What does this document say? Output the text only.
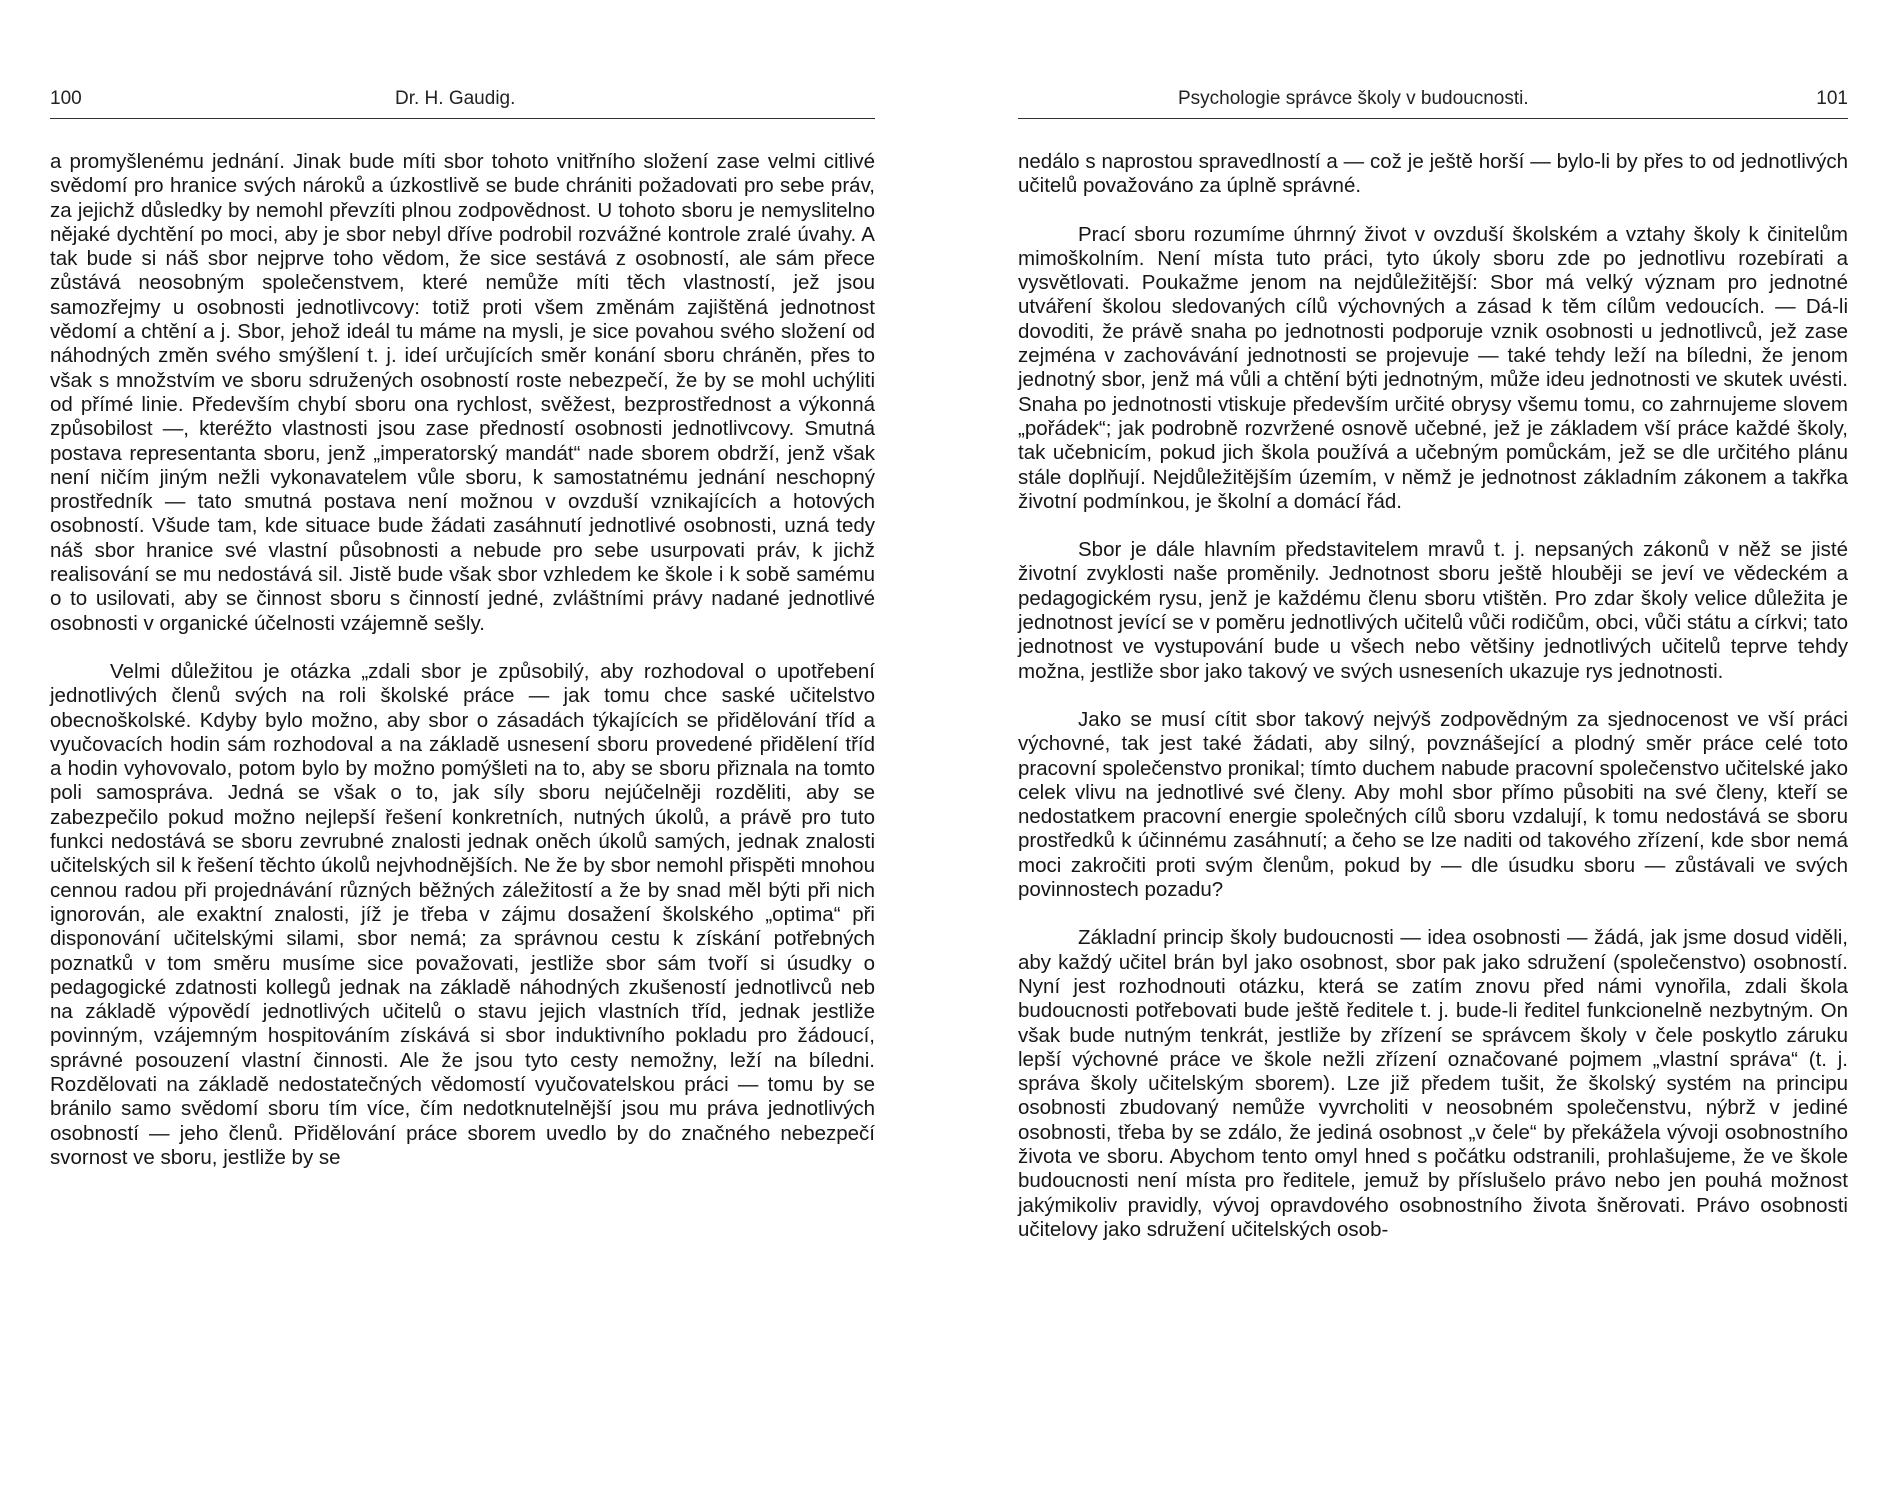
100	Dr. H. Gaudig.

a promyšlenému jednání. Jinak bude míti sbor tohoto vnitřního složení zase velmi citlivé svědomí pro hranice svých nároků a úzkostlivě se bude chrániti požadovati pro sebe práv, za jejichž důsledky by nemohl převzíti plnou zodpovědnost. U tohoto sboru je nemyslitelno nějaké dychtění po moci, aby je sbor nebyl dříve podrobil rozvážné kontrole zralé úvahy. A tak bude si náš sbor nejprve toho vědom, že sice sestává z osobností, ale sám přece zůstává neosobným společenstvem, které nemůže míti těch vlastností, jež jsou samozřejmy u osobnosti jednotlivcovy: totiž proti všem změnám zajištěná jednotnost vědomí a chtění a j. Sbor, jehož ideál tu máme na mysli, je sice povahou svého složení od náhodných změn svého smýšlení t. j. ideí určujících směr konání sboru chráněn, přes to však s množstvím ve sboru sdružených osobností roste nebezpečí, že by se mohl uchýliti od přímé linie. Především chybí sboru ona rychlost, svěžest, bezprostřednost a výkonná způsobilost —, kteréžto vlastnosti jsou zase předností osobnosti jednotlivcovy. Smutná postava representanta sboru, jenž „imperatorský mandát“ nade sborem obdrží, jenž však není ničím jiným nežli vykonavatelem vůle sboru, k samostatnému jednání neschopný prostředník — tato smutná postava není možnou v ovzduší vznikajících a hotových osobností. Všude tam, kde situace bude žádati zasáhnutí jednotlivé osobnosti, uzná tedy náš sbor hranice své vlastní působnosti a nebude pro sebe usurpovati práv, k jichž realisování se mu nedostává sil. Jistě bude však sbor vzhledem ke škole i k sobě samému o to usilovati, aby se činnost sboru s činností jedné, zvláštními právy nadané jednotlivé osobnosti v organické účelnosti vzájemně sešly.

Velmi důležitou je otázka „zdali sbor je způsobilý, aby rozhodoval o upotřebení jednotlivých členů svých na roli školské práce — jak tomu chce saské učitelstvo obecnoškolské. Kdyby bylo možno, aby sbor o zásadách týkajících se přidělování tříd a vyučovacích hodin sám rozhodoval a na základě usnesení sboru provedené přidělení tříd a hodin vyhovovalo, potom bylo by možno pomýšleti na to, aby se sboru přiznala na tomto poli samospráva. Jedná se však o to, jak síly sboru nejúčelněji rozděliti, aby se zabezpečilo pokud možno nejlepší řešení konkretních, nutných úkolů, a právě pro tuto funkci nedostává se sboru zevrubné znalosti jednak oněch úkolů samých, jednak znalosti učitelských sil k řešení těchto úkolů nejvhodnějších. Ne že by sbor nemohl přispěti mnohou cennou radou při projednávání různých běžných záležitostí a že by snad měl býti při nich ignorován, ale exaktní znalosti, jíž je třeba v zájmu dosažení školského „optima“ při disponování učitelskými silami, sbor nemá; za správnou cestu k získání potřebných poznatků v tom směru musíme sice považovati, jestliže sbor sám tvoří si úsudky o pedagogické zdatnosti kollegů jednak na základě náhodných zkušeností jednotlivců neb na základě výpovědí jednotlivých učitelů o stavu jejich vlastních tříd, jednak jestliže povinným, vzájemným hospitováním získává si sbor induktivního pokladu pro žádoucí, správné posouzení vlastní činnosti. Ale že jsou tyto cesty nemožny, leží na bíledni. Rozdělovati na základě nedostatečných vědomostí vyučovatelskou práci — tomu by se bránilo samo svědomí sboru tím více, čím nedotknutelnější jsou mu práva jednotlivých osobností — jeho členů. Přidělování práce sborem uvedlo by do značného nebezpečí svornost ve sboru, jestliže by se

Psychologie správce školy v budoucnosti.	101

nedálo s naprostou spravedlností a — což je ještě horší — bylo-li by přes to od jednotlivých učitelů považováno za úplně správné.

Prací sboru rozumíme úhrnný život v ovzduší školském a vztahy školy k činitelům mimoškolním. Není místa tuto práci, tyto úkoly sboru zde po jednotlivu rozebírati a vysvětlovati. Poukažme jenom na nejdůležitější: Sbor má velký význam pro jednotné utváření školou sledovaných cílů výchovných a zásad k těm cílům vedoucích. — Dá-li dovoditi, že právě snaha po jednotnosti podporuje vznik osobnosti u jednotlivců, jež zase zejména v zachovávání jednotnosti se projevuje — také tehdy leží na bíledni, že jenom jednotný sbor, jenž má vůli a chtění býti jednotným, může ideu jednotnosti ve skutek uvésti. Snaha po jednotnosti vtiskuje především určité obrysy všemu tomu, co zahrnujeme slovem „pořádek“; jak podrobně rozvržené osnově učebné, jež je základem vší práce každé školy, tak učebnicím, pokud jich škola používá a učebným pomůckám, jež se dle určitého plánu stále doplňují. Nejdůležitějším územím, v němž je jednotnost základním zákonem a takřka životní podmínkou, je školní a domácí řád.

Sbor je dále hlavním představitelem mravů t. j. nepsaných zákonů v něž se jisté životní zvyklosti naše proměnily. Jednotnost sboru ještě hlouběji se jeví ve vědeckém a pedagogickém rysu, jenž je každému členu sboru vtištěn. Pro zdar školy velice důležita je jednotnost jevící se v poměru jednotlivých učitelů vůči rodičům, obci, vůči státu a církvi; tato jednotnost ve vystupování bude u všech nebo většiny jednotlivých učitelů teprve tehdy možna, jestliže sbor jako takový ve svých usneseních ukazuje rys jednotnosti.

Jako se musí cítit sbor takový nejvýš zodpovědným za sjednocenost ve vší práci výchovné, tak jest také žádati, aby silný, povznášející a plodný směr práce celé toto pracovní společenstvo pronikal; tímto duchem nabude pracovní společenstvo učitelské jako celek vlivu na jednotlivé své členy. Aby mohl sbor přímo působiti na své členy, kteří se nedostatkem pracovní energie společných cílů sboru vzdalují, k tomu nedostává se sboru prostředků k účinnému zasáhnutí; a čeho se lze naditi od takového zřízení, kde sbor nemá moci zakročiti proti svým členům, pokud by — dle úsudku sboru — zůstávali ve svých povinnostech pozadu?

Základní princip školy budoucnosti — idea osobnosti — žádá, jak jsme dosud viděli, aby každý učitel brán byl jako osobnost, sbor pak jako sdružení (společenstvo) osobností. Nyní jest rozhodnouti otázku, která se zatím znovu před námi vynořila, zdali škola budoucnosti potřebovati bude ještě ředitele t. j. bude-li ředitel funkcionelně nezbytným. On však bude nutným tenkrát, jestliže by zřízení se správcem školy v čele poskytlo záruku lepší výchovné práce ve škole nežli zřízení označované pojmem „vlastní správa“ (t. j. správa školy učitelským sborem). Lze již předem tušit, že školský systém na principu osobnosti zbudovaný nemůže vyvrcholiti v neosobném společenstvu, nýbrž v jediné osobnosti, třeba by se zdálo, že jediná osobnost „v čele“ by překážela vývoji osobnostního života ve sboru. Abychom tento omyl hned s počátku odstranili, prohlašujeme, že ve škole budoucnosti není místa pro ředitele, jemuž by příslušelo právo nebo jen pouhá možnost jakýmikoliv pravidly, vývoj opravdového osobnostního života šněrovati. Právo osobnosti učitelovy jako sdružení učitelských osob-
